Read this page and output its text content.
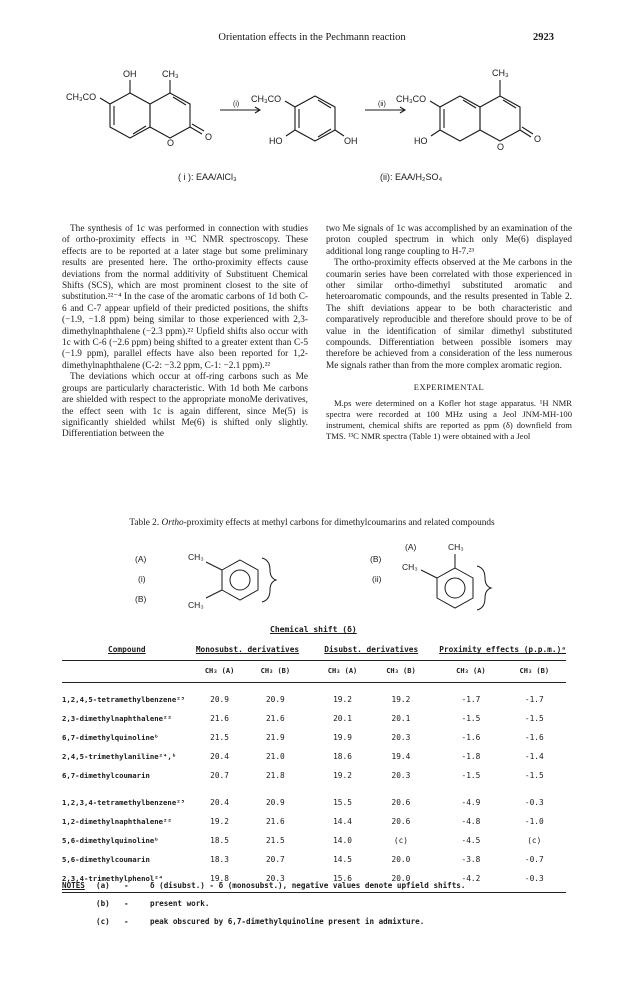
Orientation effects in the Pechmann reaction	2923
OH	CH₃
CH₃CO
O
O
(i)	(ii)
CH₃CO
HO	OH
CH₃
CH₃CO
HO
O
O
( i ): EAA/AlCl₃	(ii): EAA/H₂SO₄

The synthesis of 1c was performed in connection with studies of ortho-proximity effects in ¹³C NMR spectroscopy. These effects are to be reported at a later stage but some preliminary results are presented here. The ortho-proximity effects cause deviations from the normal additivity of Substituent Chemical Shifts (SCS), which are most prominent closest to the site of substitution.²²⁻⁴ In the case of the aromatic carbons of 1d both C-6 and C-7 appear upfield of their predicted positions, the shifts (−1.9, −1.8 ppm) being similar to those experienced with 2,3-dimethylnaphthalene (−2.3 ppm).²² Upfield shifts also occur with 1c with C-6 (−2.6 ppm) being shifted to a greater extent than C-5 (−1.9 ppm), parallel effects have also been reported for 1,2-dimethylnaphthalene (C-2: −3.2 ppm, C-1: −2.1 ppm).²²

The deviations which occur at off-ring carbons such as Me groups are particularly characteristic. With 1d both Me carbons are shielded with respect to the appropriate monoMe derivatives, the effect seen with 1c is again different, since Me(5) is significantly shielded whilst Me(6) is shifted only slightly. Differentiation between the

two Me signals of 1c was accomplished by an examination of the proton coupled spectrum in which only Me(6) displayed additional long range coupling to H-7.²³

The ortho-proximity effects observed at the Me carbons in the coumarin series have been correlated with those experienced in other similar ortho-dimethyl substituted aromatic and heteroaromatic compounds, and the results presented in Table 2. The shift deviations appear to be both characteristic and comparatively reproducible and therefore should prove to be of value in the identification of similar dimethyl substituted compounds. Differentiation between possible isomers may therefore be achieved from a consideration of the less numerous Me signals rather than from the more complex aromatic region.

EXPERIMENTAL

M.ps were determined on a Kofler hot stage apparatus. ¹H NMR spectra were recorded at 100 MHz using a Jeol JNM-MH-100 instrument, chemical shifts are reported as ppm (δ) downfield from TMS. ¹³C NMR spectra (Table 1) were obtained with a Jeol

Table 2. Ortho-proximity effects at methyl carbons for dimethylcoumarins and related compounds
(A)
(i)
(B)
CH₃
CH₃
(B)
(ii)
(A)	CH₃
CH₃
Chemical shift (δ)
Compound	Monosubst. derivatives			Disubst. derivatives			Proximity effects (p.p.m.)ᵃ	
	CH₃ (A)	CH₃ (B)		CH₃ (A)	CH₃ (B)		CH₃ (A)	CH₃ (B)

1,2,4,5-tetramethylbenzene²³	20.9	20.9		19.2	19.2		-1.7	-1.7
2,3-dimethylnaphthalene²²	21.6	21.6		20.1	20.1		-1.5	-1.5
6,7-dimethylquinolineᵇ	21.5	21.9		19.9	20.3		-1.6	-1.6
2,4,5-trimethylaniline²⁴,ᵇ	20.4	21.0		18.6	19.4		-1.8	-1.4
6,7-dimethylcoumarin	20.7	21.8		19.2	20.3		-1.5	-1.5

1,2,3,4-tetramethylbenzene²³	20.4	20.9		15.5	20.6		-4.9	-0.3
1,2-dimethylnaphthalene²²	19.2	21.6		14.4	20.6		-4.8	-1.0
5,6-dimethylquinolineᵇ	18.5	21.5		14.0	(c)		-4.5	(c)
5,6-dimethylcoumarin	18.3	20.7		14.5	20.0		-3.8	-0.7
2,3,4-trimethylphenol²⁴	19.8	20.3		15.6	20.0		-4.2	-0.3

NOTES	(a)	-	δ (disubst.) - δ (monosubst.), negative values denote upfield shifts.
(b)	-	present work.
(c)	-	peak obscured by 6,7-dimethylquinoline present in admixture.
